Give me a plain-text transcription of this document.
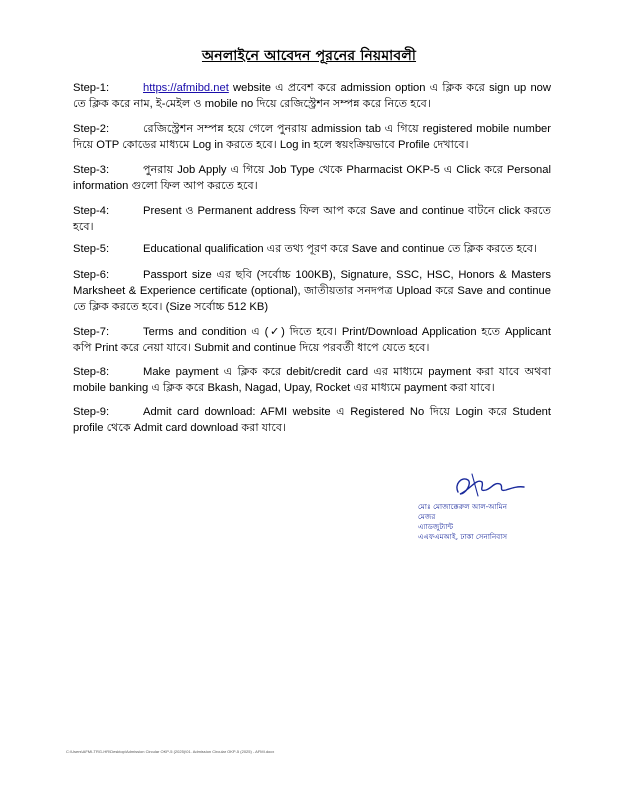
অনলাইনে আবেদন পূরনের নিয়মাবলী
Step-1:	https://afmibd.net website এ প্রবেশ করে admission option এ ক্লিক করে sign up now তে ক্লিক করে নাম, ই-মেইল ও mobile no দিয়ে রেজিস্ট্রেশন সম্পন্ন করে নিতে হবে।
Step-2:	রেজিস্ট্রেশন সম্পন্ন হয়ে গেলে পুনরায় admission tab এ গিয়ে registered mobile number দিয়ে OTP কোডের মাধ্যমে Log in করতে হবে। Log in হলে স্বয়ংক্রিয়ভাবে Profile দেখাবে।
Step-3:	পুনরায় Job Apply এ গিয়ে Job Type থেকে Pharmacist OKP-5 এ Click করে Personal information গুলো ফিল আপ করতে হবে।
Step-4:	Present ও Permanent address ফিল আপ করে Save and continue বাটনে click করতে হবে।
Step-5:	Educational qualification এর তথ্য পূরণ করে Save and continue তে ক্লিক করতে হবে।
Step-6:	Passport size এর ছবি (সর্বোচ্চ 100KB), Signature, SSC, HSC, Honors & Masters Marksheet & Experience certificate (optional), জাতীয়তার সনদপত্র Upload করে Save and continue তে ক্লিক করতে হবে। (Size সর্বোচ্চ 512 KB)
Step-7:	Terms and condition এ (✓) দিতে হবে। Print/Download Application হতে Applicant কপি Print করে নেয়া যাবে। Submit and continue দিয়ে পরবর্তী ধাপে যেতে হবে।
Step-8:	Make payment এ ক্লিক করে debit/credit card এর মাধ্যমে payment করা যাবে অথবা mobile banking এ ক্লিক করে Bkash, Nagad, Upay, Rocket এর মাধ্যমে payment করা যাবে।
Step-9:	Admit card download: AFMI website এ Registered No দিয়ে Login করে Student profile থেকে Admit card download করা যাবে।
মোঃ মোজাক্কেরুল আল-আমিন
মেজর
এ্যাডজুট্যান্ট
এএফএমআই, ঢাকা সেনানিবাস
C:\Users\AFMI-TRG-HR\Desktop\Admission Circular OKP-5 (2025)\01. Admission Circular OKP-5 (2025) - AFMI.docx
